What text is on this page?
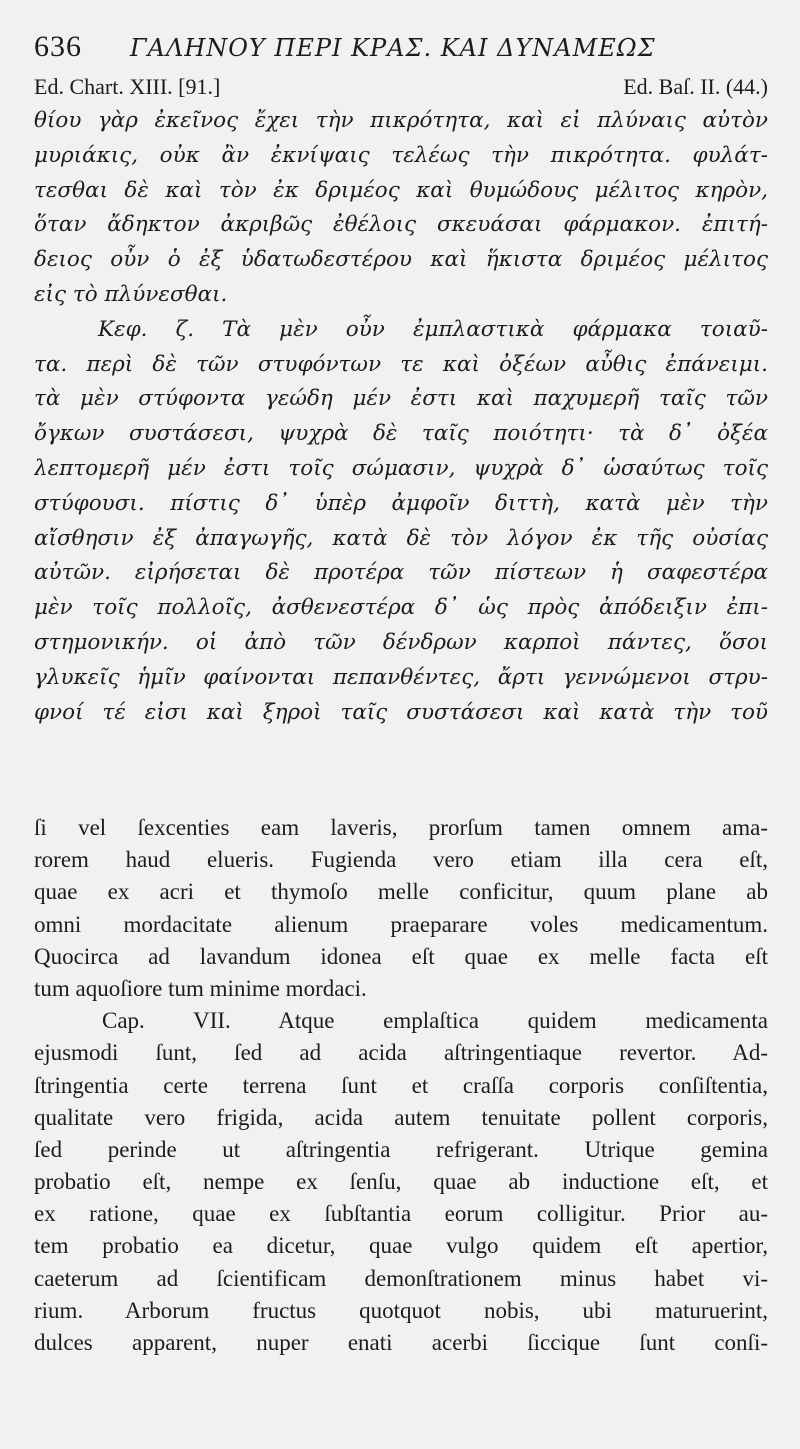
636 ΓΑΛΗΝΟΥ ΠΕΡΙ ΚΡΑΣ. ΚΑΙ ΔΥΝΑΜΕΩΣ
Ed. Chart. XIII. [91.]	Ed. Baſ. II. (44.)
θίου γὰρ ἐκεῖνος ἔχει τὴν πικρότητα, καὶ εἰ πλύναις αὐτὸν
μυριάκις, οὐκ ἂν ἐκνίψαις τελέως τὴν πικρότητα. φυλάτ-
τεσθαι δὲ καὶ τὸν ἐκ δριμέος καὶ θυμώδους μέλιτος κηρὸν,
ὅταν ἄδηκτον ἀκριβῶς ἐθέλοις σκευάσαι φάρμακον. ἐπιτή-
δειος οὖν ὁ ἐξ ὑδατωδεστέρου καὶ ἥκιστα δριμέος μέλιτος
εἰς τὸ πλύνεσθαι.
Κεφ. ζ. Τὰ μὲν οὖν ἐμπλαστικὰ φάρμακα τοιαῦ-
τα. περὶ δὲ τῶν στυφόντων τε καὶ ὀξέων αὖθις ἐπάνειμι.
τὰ μὲν στύφοντα γεώδη μέν ἐστι καὶ παχυμερῆ ταῖς τῶν
ὄγκων συστάσεσι, ψυχρὰ δὲ ταῖς ποιότητι· τὰ δ᾽ ὀξέα
λεπτομερῆ μέν ἐστι τοῖς σώμασιν, ψυχρὰ δ᾽ ὡσαύτως τοῖς
στύφουσι. πίστις δ᾽ ὑπὲρ ἀμφοῖν διττὴ, κατὰ μὲν τὴν
αἴσθησιν ἐξ ἀπαγωγῆς, κατὰ δὲ τὸν λόγον ἐκ τῆς οὐσίας
αὐτῶν. εἰρήσεται δὲ προτέρα τῶν πίστεων ἡ σαφεστέρα
μὲν τοῖς πολλοῖς, ἀσθενεστέρα δ᾽ ὡς πρὸς ἀπόδειξιν ἐπι-
στημονικήν. οἱ ἀπὸ τῶν δένδρων καρποὶ πάντες, ὅσοι
γλυκεῖς ἡμῖν φαίνονται πεπανθέντες, ἄρτι γεννώμενοι στρυ-
φνοί τέ εἰσι καὶ ξηροὶ ταῖς συστάσεσι καὶ κατὰ τὴν τοῦ
ſi vel ſexcenties eam laveris, prorſum tamen omnem ama-
rorem haud elueris. Fugienda vero etiam illa cera eſt,
quae ex acri et thymoſo melle conficitur, quum plane ab
omni mordacitate alienum praeparare voles medicamentum.
Quocirca ad lavandum idonea eſt quae ex melle facta eſt
tum aquoſiore tum minime mordaci.
Cap. VII. Atque emplaſtica quidem medicamenta
ejusmodi ſunt, ſed ad acida aſtringentiaque revertor. Ad-
ſtringentia certe terrena ſunt et craſſa corporis conſiſtentia,
qualitate vero frigida, acida autem tenuitate pollent corporis,
ſed perinde ut aſtringentia refrigerant. Utrique gemina
probatio eſt, nempe ex ſenſu, quae ab inductione eſt, et
ex ratione, quae ex ſubſtantia eorum colligitur. Prior au-
tem probatio ea dicetur, quae vulgo quidem eſt apertior,
caeterum ad ſcientificam demonſtrationem minus habet vi-
rium. Arborum fructus quotquot nobis, ubi maturuerint,
dulces apparent, nuper enati acerbi ſiccique ſunt conſi-
